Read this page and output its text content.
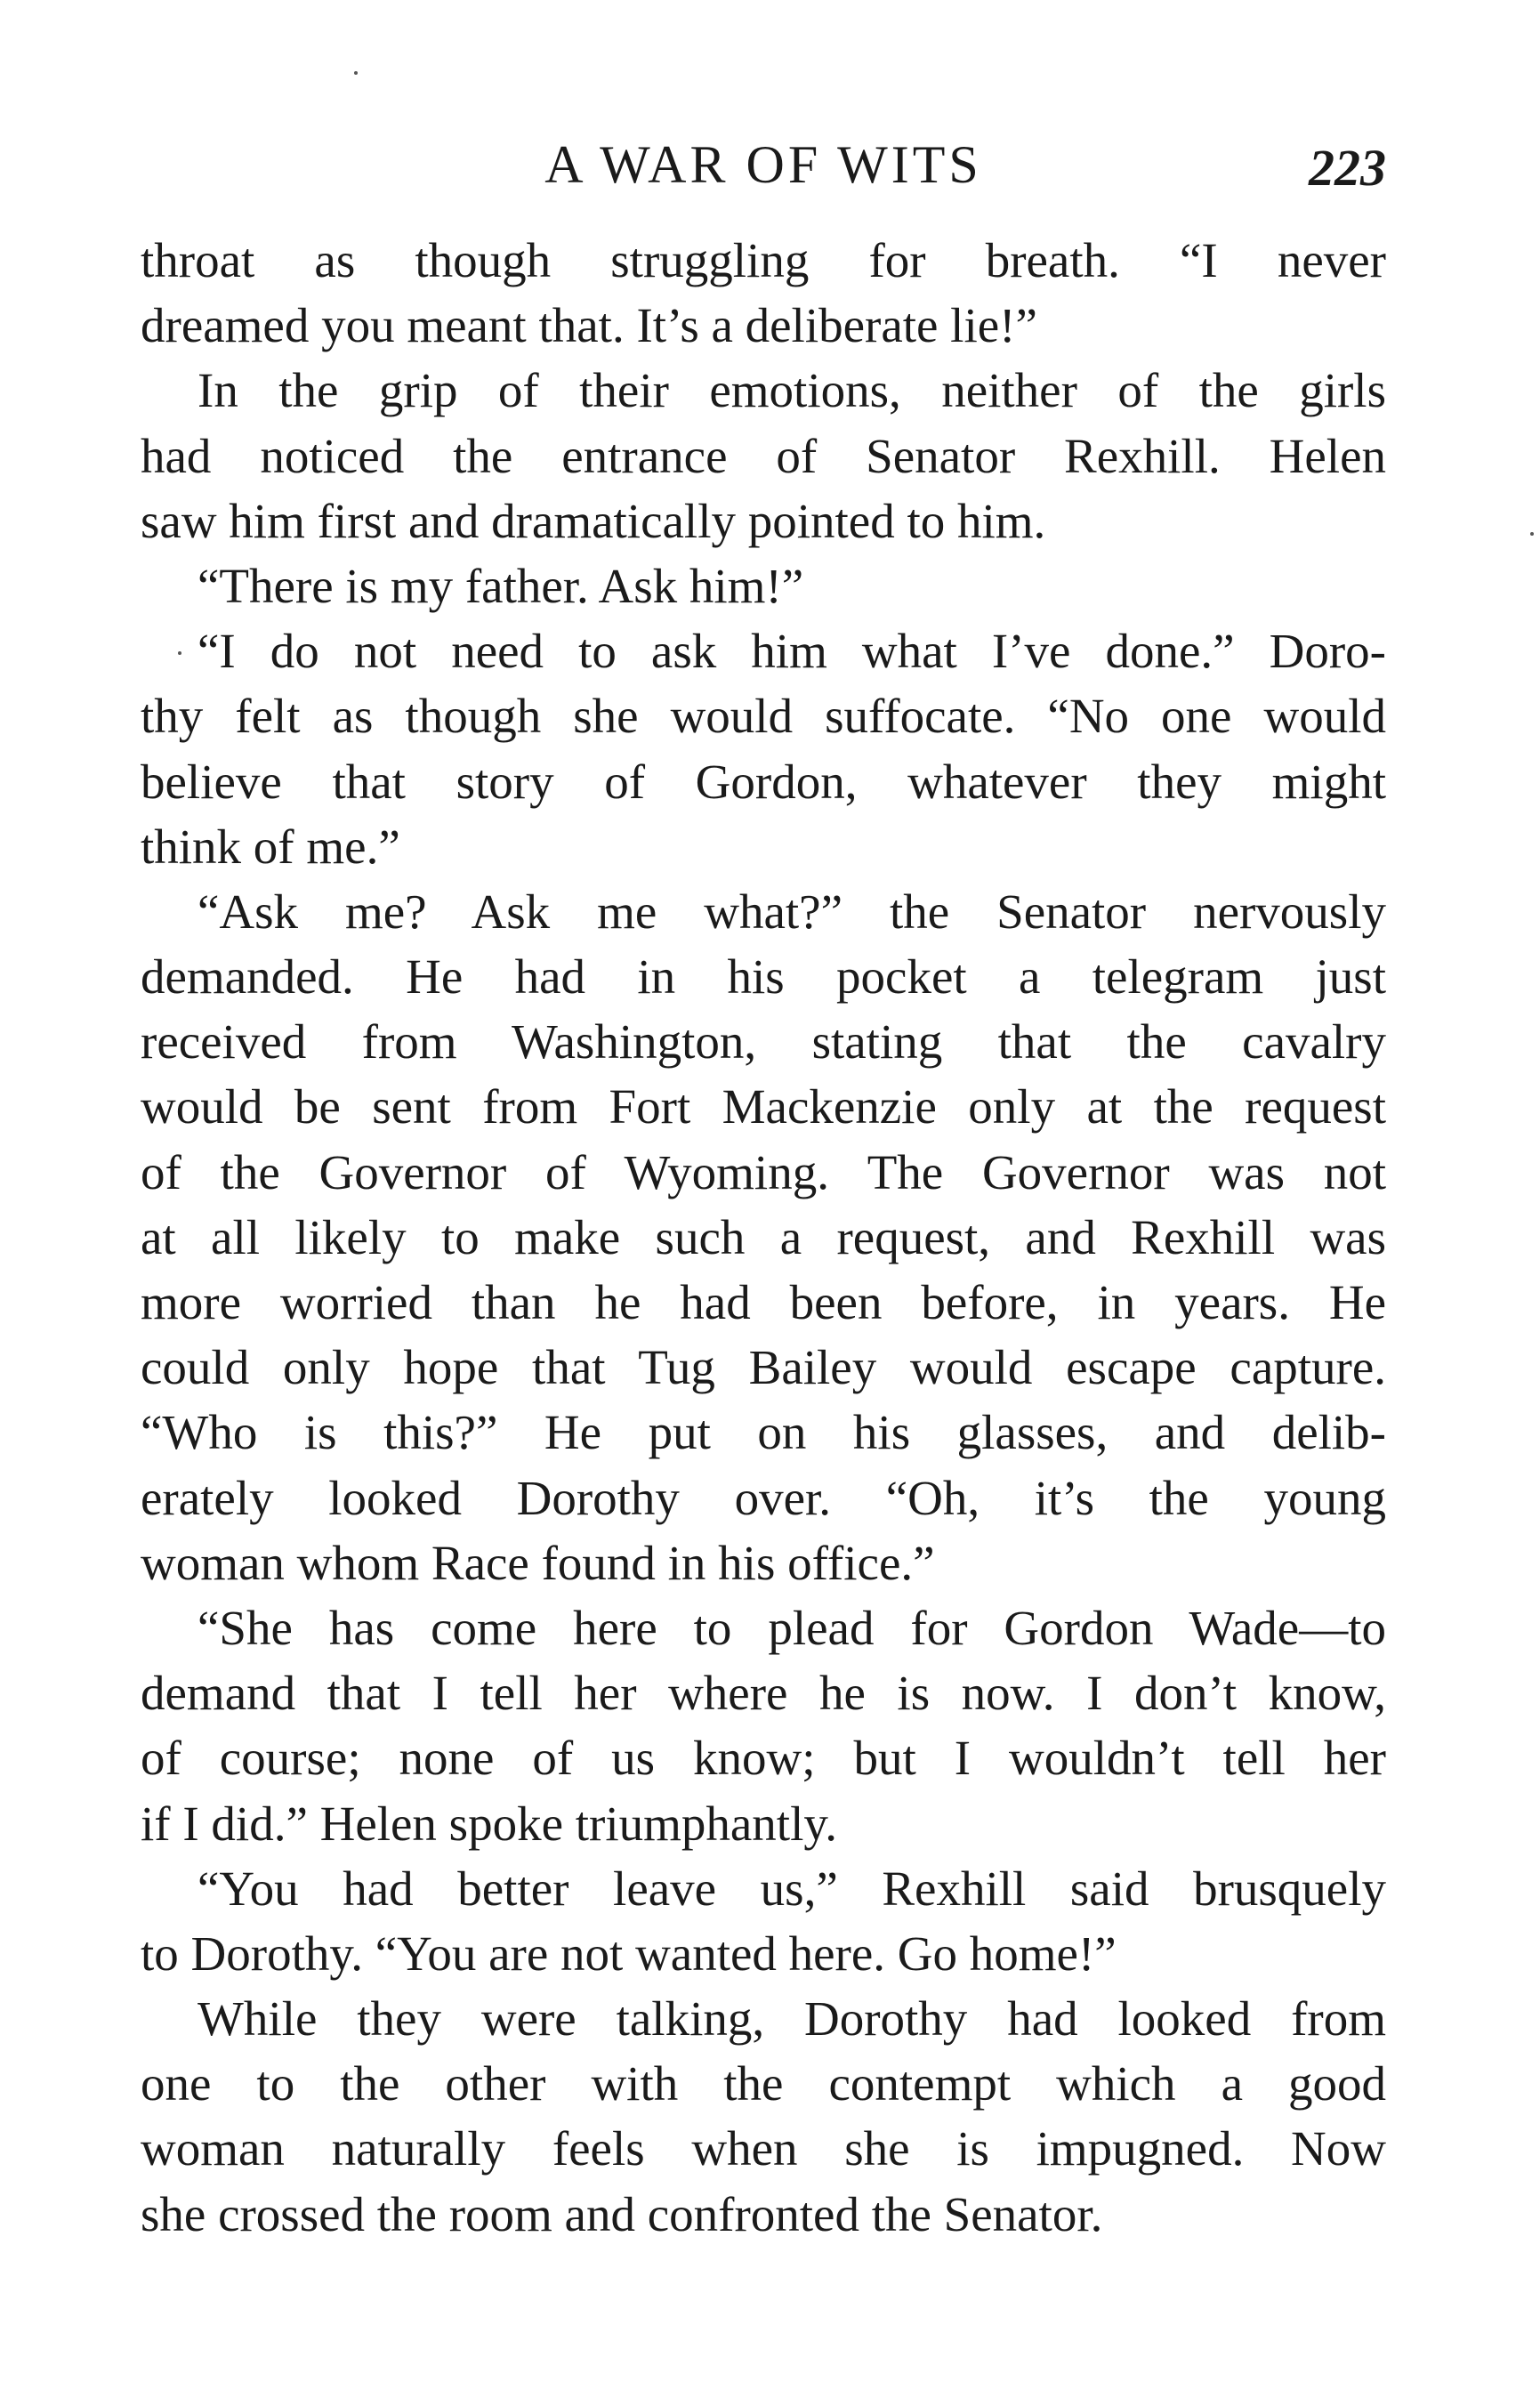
A WAR OF WITS	223
throat as though struggling for breath. “I never
dreamed you meant that. It’s a deliberate lie!”
In the grip of their emotions, neither of the girls
had noticed the entrance of Senator Rexhill. Helen
saw him first and dramatically pointed to him.
“There is my father. Ask him!”
“I do not need to ask him what I’ve done.” Doro-
thy felt as though she would suffocate. “No one would
believe that story of Gordon, whatever they might
think of me.”
“Ask me? Ask me what?” the Senator nervously
demanded. He had in his pocket a telegram just
received from Washington, stating that the cavalry
would be sent from Fort Mackenzie only at the request
of the Governor of Wyoming. The Governor was not
at all likely to make such a request, and Rexhill was
more worried than he had been before, in years. He
could only hope that Tug Bailey would escape capture.
“Who is this?” He put on his glasses, and delib-
erately looked Dorothy over. “Oh, it’s the young
woman whom Race found in his office.”
“She has come here to plead for Gordon Wade—to
demand that I tell her where he is now. I don’t know,
of course; none of us know; but I wouldn’t tell her
if I did.” Helen spoke triumphantly.
“You had better leave us,” Rexhill said brusquely
to Dorothy. “You are not wanted here. Go home!”
While they were talking, Dorothy had looked from
one to the other with the contempt which a good
woman naturally feels when she is impugned. Now
she crossed the room and confronted the Senator.
